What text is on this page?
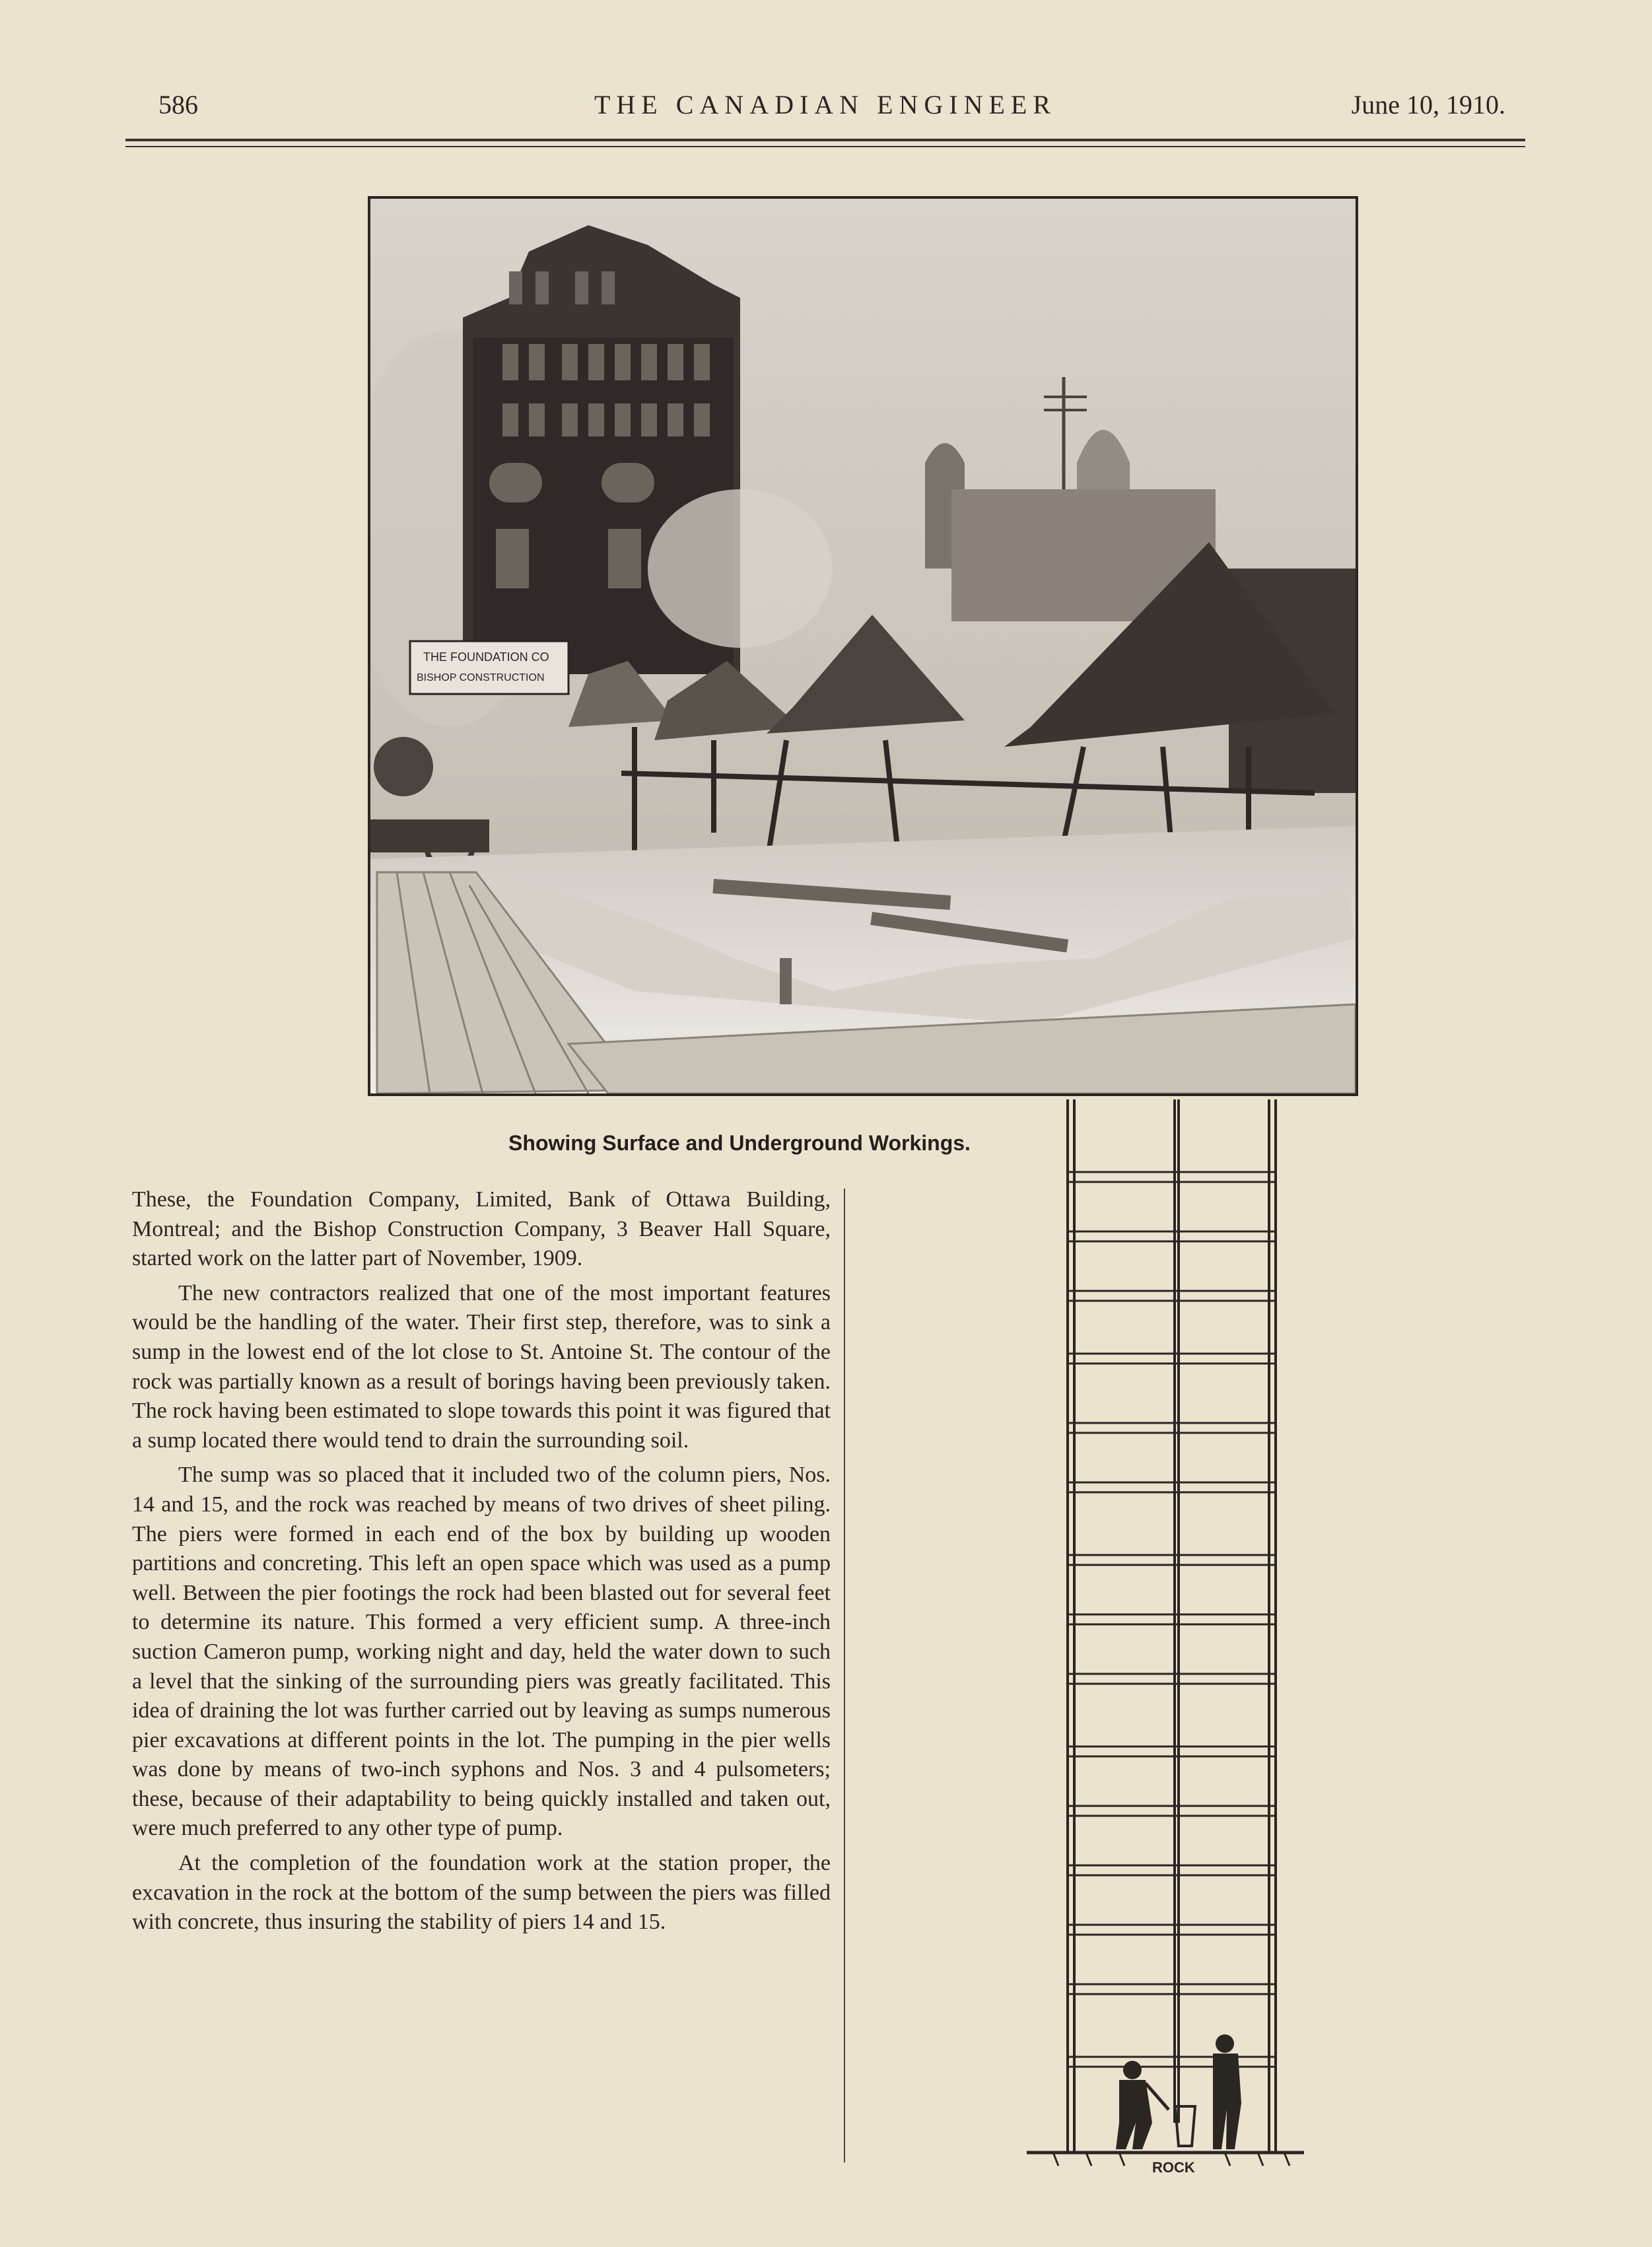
586	THE CANADIAN ENGINEER	June 10, 1910.
THE FOUNDATION CO
BISHOP CONSTRUCTION
Showing Surface and Underground Workings.

These, the Foundation Company, Limited, Bank of Ottawa Building, Montreal; and the Bishop Construction Company, 3 Beaver Hall Square, started work on the latter part of November, 1909.

The new contractors realized that one of the most important features would be the handling of the water. Their first step, therefore, was to sink a sump in the lowest end of the lot close to St. Antoine St. The contour of the rock was partially known as a result of borings having been previously taken. The rock having been estimated to slope towards this point it was figured that a sump located there would tend to drain the surrounding soil.

The sump was so placed that it included two of the column piers, Nos. 14 and 15, and the rock was reached by means of two drives of sheet piling. The piers were formed in each end of the box by building up wooden partitions and concreting. This left an open space which was used as a pump well. Between the pier footings the rock had been blasted out for several feet to determine its nature. This formed a very efficient sump. A three-inch suction Cameron pump, working night and day, held the water down to such a level that the sinking of the surrounding piers was greatly facilitated. This idea of draining the lot was further carried out by leaving as sumps numerous pier excavations at different points in the lot. The pumping in the pier wells was done by means of two-inch syphons and Nos. 3 and 4 pulsometers; these, because of their adaptability to being quickly installed and taken out, were much preferred to any other type of pump.

At the completion of the foundation work at the station proper, the excavation in the rock at the bottom of the sump between the piers was filled with concrete, thus insuring the stability of piers 14 and 15.

ROCK
